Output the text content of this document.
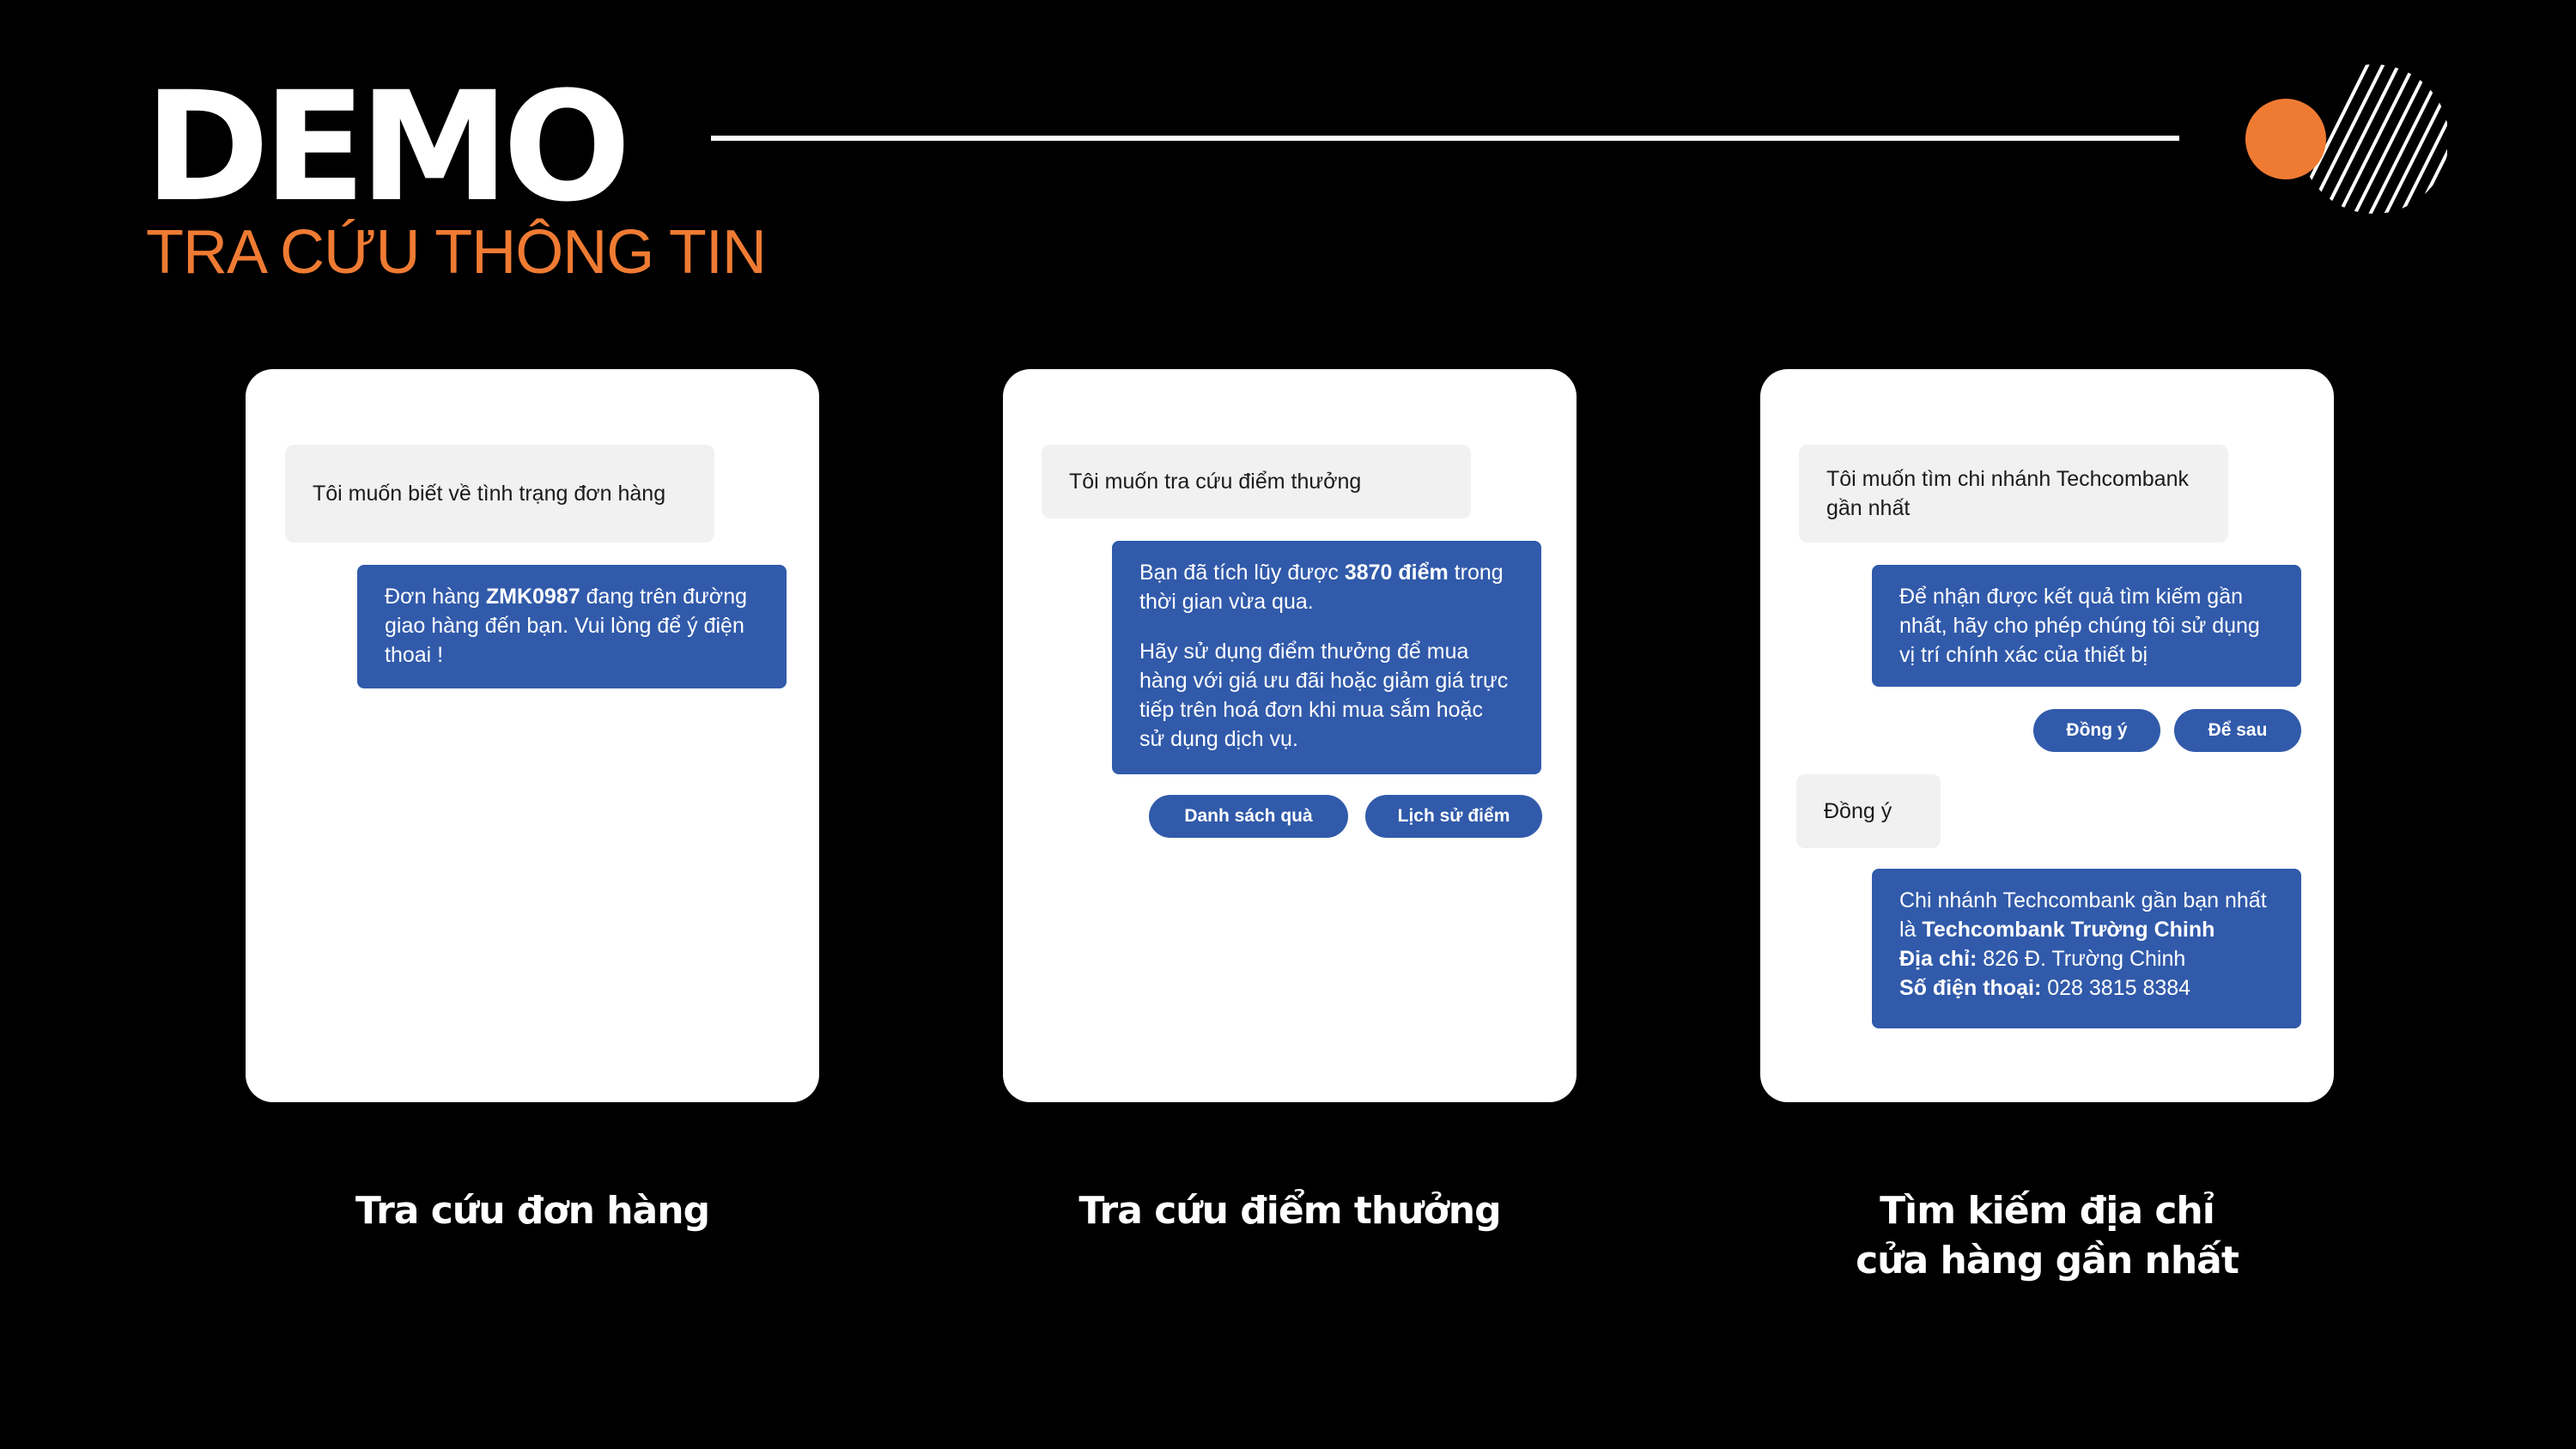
DEMO
TRA CỨU THÔNG TIN
Tôi muốn biết về tình trạng đơn hàng

Đơn hàng ZMK0987 đang trên đường giao hàng đến bạn. Vui lòng để ý điện thoai !

Tra cứu đơn hàng
Tôi muốn tra cứu điểm thưởng

Bạn đã tích lũy được 3870 điểm trong thời gian vừa qua.

Hãy sử dụng điểm thưởng để mua hàng với giá ưu đãi hoặc giảm giá trực tiếp trên hoá đơn khi mua sắm hoặc sử dụng dịch vụ.

Danh sách quà	Lịch sử điểm
Tra cứu điểm thưởng
Tôi muốn tìm chi nhánh Techcombank gần nhất
Để nhận được kết quả tìm kiếm gần nhất, hãy cho phép chúng tôi sử dụng vị trí chính xác của thiết bị
Đồng ý	Để sau
Đồng ý

Chi nhánh Techcombank gần bạn nhất là Techcombank Trường Chinh
Địa chỉ: 826 Đ. Trường Chinh
Số điện thoại: 028 3815 8384

Tìm kiếm địa chỉ
cửa hàng gần nhất
